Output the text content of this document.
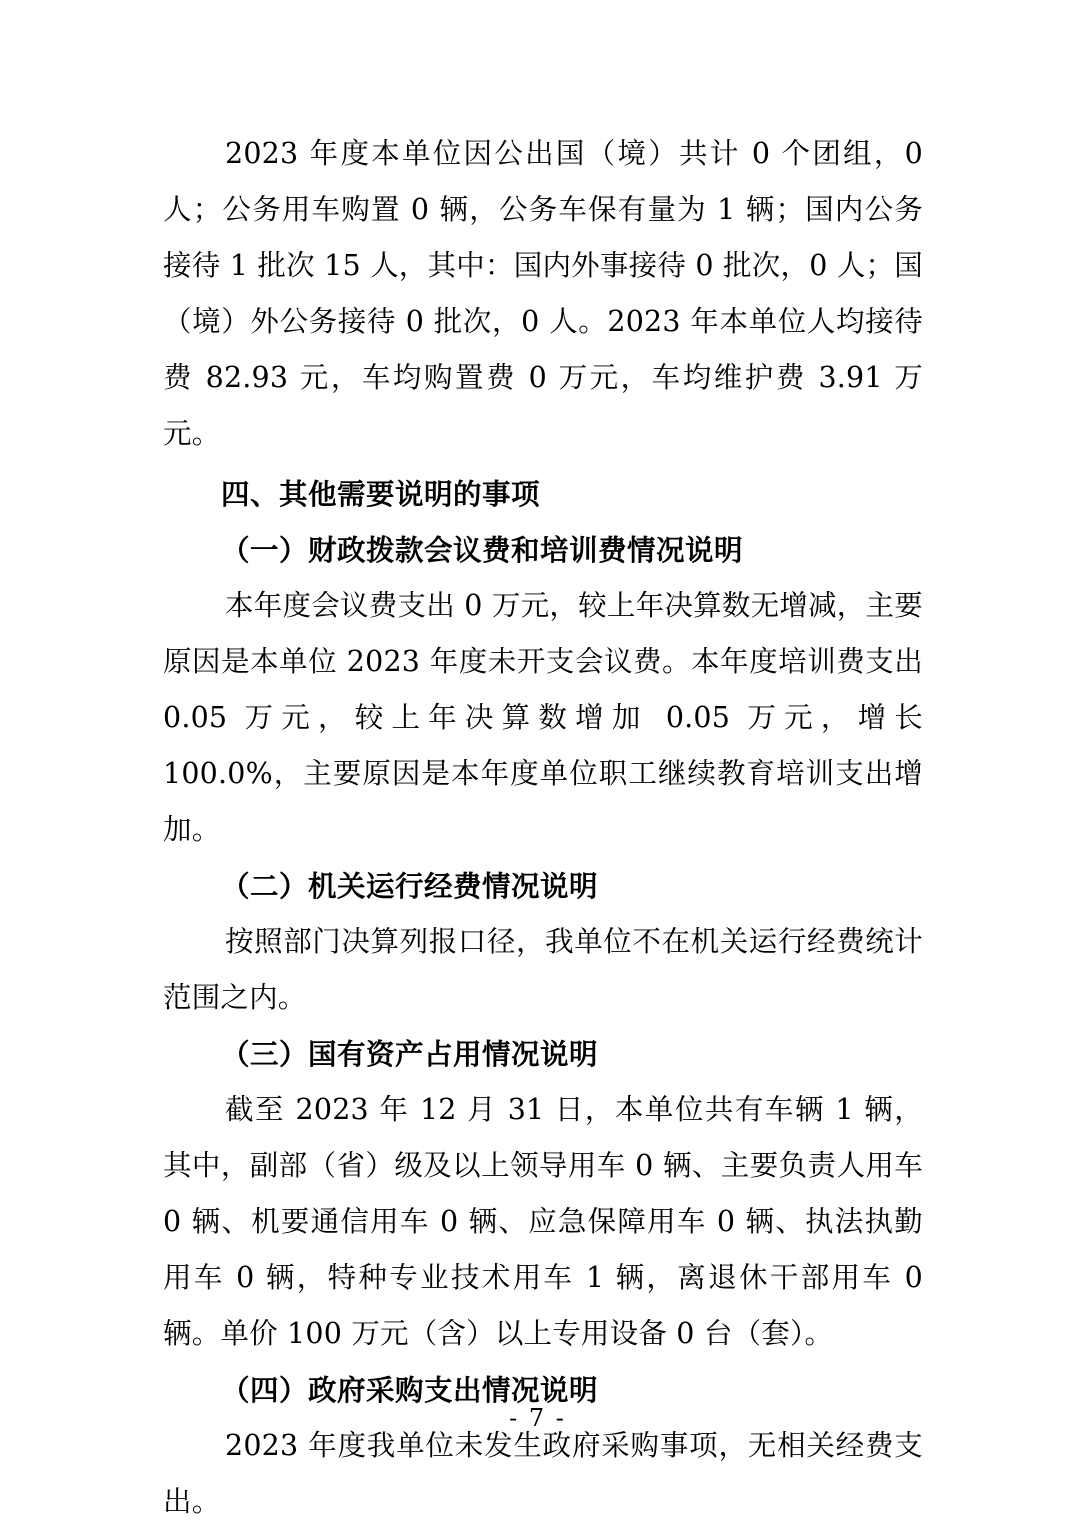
2023 年度本单位因公出国（境）共计 0 个团组，0 人；公务用车购置 0 辆，公务车保有量为 1 辆；国内公务接待 1 批次 15 人，其中：国内外事接待 0 批次，0 人；国（境）外公务接待 0 批次，0 人。2023 年本单位人均接待费 82.93 元，车均购置费 0 万元，车均维护费 3.91 万元。

四、其他需要说明的事项

（一）财政拨款会议费和培训费情况说明

本年度会议费支出 0 万元，较上年决算数无增减，主要原因是本单位 2023 年度未开支会议费。本年度培训费支出 0.05 万元，较上年决算数增加 0.05 万元，增长 100.0%，主要原因是本年度单位职工继续教育培训支出增加。

（二）机关运行经费情况说明

按照部门决算列报口径，我单位不在机关运行经费统计范围之内。

（三）国有资产占用情况说明

截至 2023 年 12 月 31 日，本单位共有车辆 1 辆，其中，副部（省）级及以上领导用车 0 辆、主要负责人用车 0 辆、机要通信用车 0 辆、应急保障用车 0 辆、执法执勤用车 0 辆，特种专业技术用车 1 辆，离退休干部用车 0 辆。单价 100 万元（含）以上专用设备 0 台（套）。

（四）政府采购支出情况说明

2023 年度我单位未发生政府采购事项，无相关经费支出。

- 7 -
